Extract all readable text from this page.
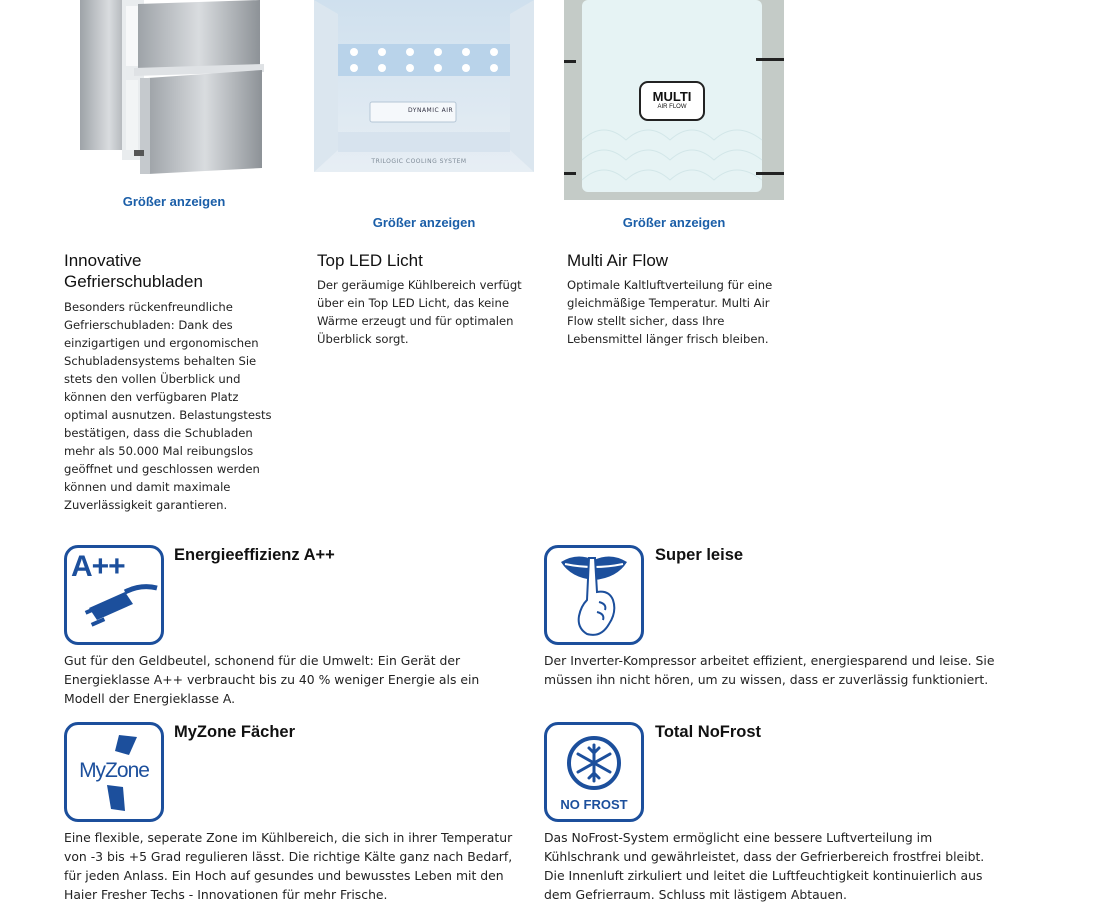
Größer anzeigen
Innovative Gefrierschubladen
Besonders rückenfreundliche Gefrierschubladen: Dank des einzigartigen und ergonomischen Schubladensystems behalten Sie stets den vollen Überblick und können den verfügbaren Platz optimal ausnutzen. Belastungstests bestätigen, dass die Schubladen mehr als 50.000 Mal reibungslos geöffnet und geschlossen werden können und damit maximale Zuverlässigkeit garantieren.
DYNAMIC AIR
TRILOGIC COOLING SYSTEM
Größer anzeigen
Top LED Licht
Der geräumige Kühlbereich verfügt über ein Top LED Licht, das keine Wärme erzeugt und für optimalen Überblick sorgt.
MULTI
AIR FLOW
Größer anzeigen
Multi Air Flow
Optimale Kaltluftverteilung für eine gleichmäßige Temperatur. Multi Air Flow stellt sicher, dass Ihre Lebensmittel länger frisch bleiben.
A++	Energieeffizienz A++
Gut für den Geldbeutel, schonend für die Umwelt: Ein Gerät der Energieklasse A++ verbraucht bis zu 40 % weniger Energie als ein Modell der Energieklasse A.
Super leise
Der Inverter-Kompressor arbeitet effizient, energiesparend und leise. Sie müssen ihn nicht hören, um zu wissen, dass er zuverlässig funktioniert.
MyZone
MyZone Fächer
Eine flexible, seperate Zone im Kühlbereich, die sich in ihrer Temperatur von -3 bis +5 Grad regulieren lässt. Die richtige Kälte ganz nach Bedarf, für jeden Anlass. Ein Hoch auf gesundes und bewusstes Leben mit den Haier Fresher Techs - Innovationen für mehr Frische.
NO FROST
Total NoFrost
Das NoFrost-System ermöglicht eine bessere Luftverteilung im Kühlschrank und gewährleistet, dass der Gefrierbereich frostfrei bleibt. Die Innenluft zirkuliert und leitet die Luftfeuchtigkeit kontinuierlich aus dem Gefrierraum. Schluss mit lästigem Abtauen.
